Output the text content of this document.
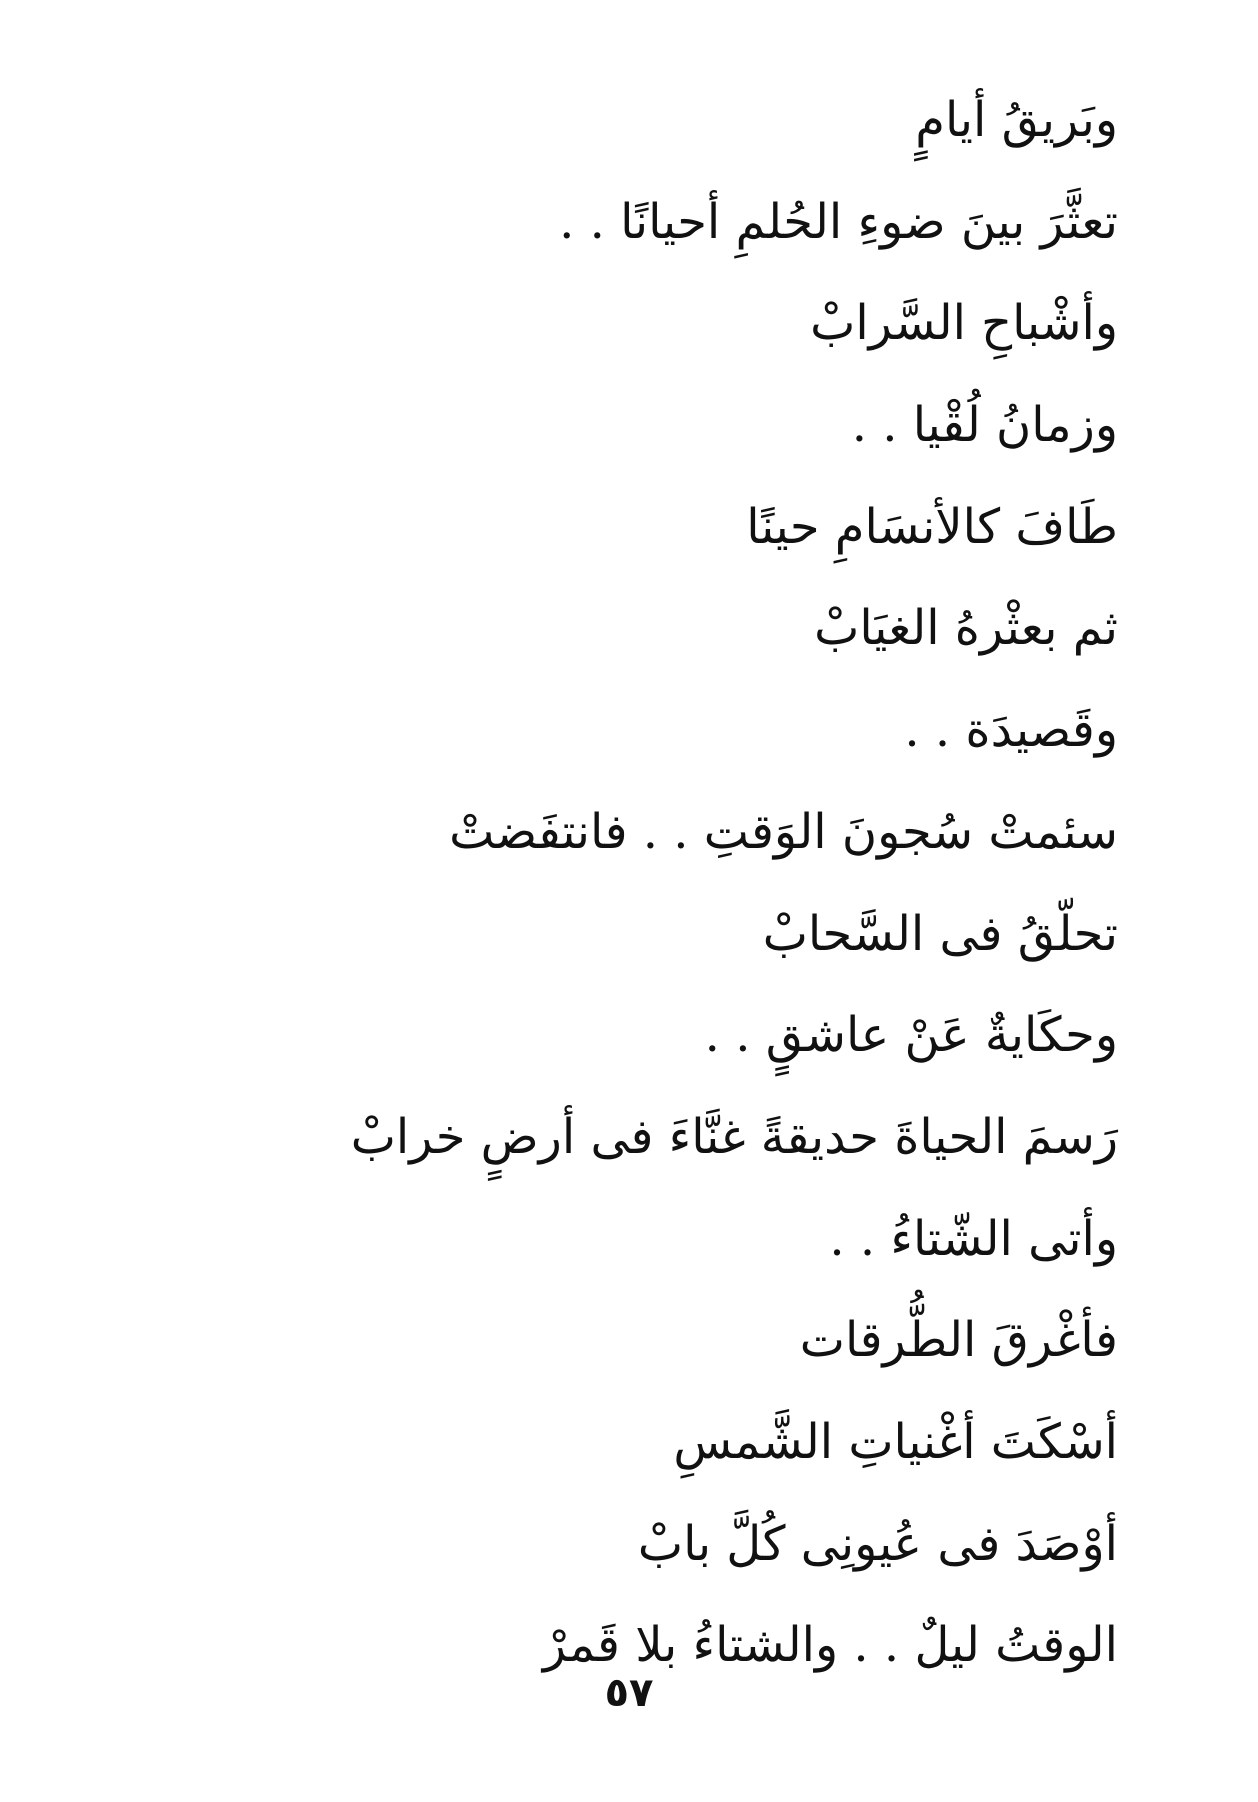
وبَريقُ أيامٍ
تعثَّرَ بينَ ضوءِ الحُلمِ أحيانًا . .
وأشْباحِ السَّرابْ
وزمانُ لُقْيا . .
طَافَ كالأنسَامِ حينًا
ثم بعثْرهُ الغيَابْ
وقَصيدَة . .
سئمتْ سُجونَ الوَقتِ . . فانتفَضتْ
تحلّقُ فى السَّحابْ
وحكَايةٌ عَنْ عاشقٍ . .
رَسمَ الحياةَ حديقةً غنَّاءَ فى أرضٍ خرابْ
وأتى الشّتاءُ . .
فأغْرقَ الطُّرقات
أسْكَتَ أغْنياتِ الشَّمسِ
أوْصَدَ فى عُيونِى كُلَّ بابْ
الوقتُ ليلٌ . . والشتاءُ بلا قَمرْ
٥٧
